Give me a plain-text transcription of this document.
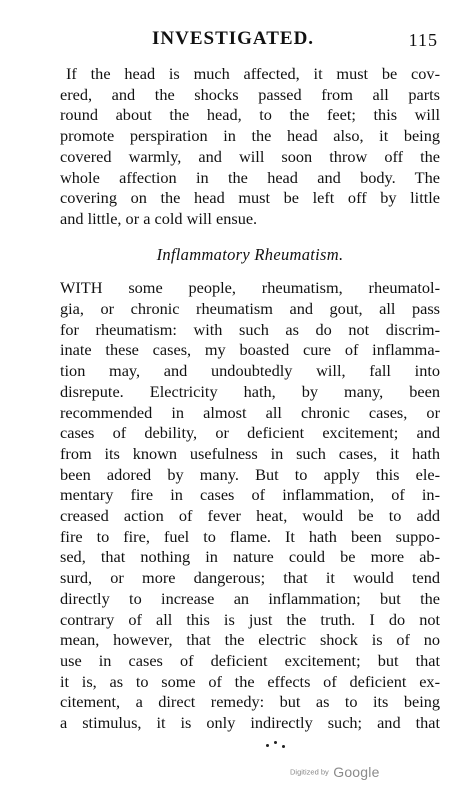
INVESTIGATED.	115
If the head is much affected, it must be cov-
ered, and the shocks passed from all parts
round about the head, to the feet; this will
promote perspiration in the head also, it being
covered warmly, and will soon throw off the
whole affection in the head and body. The
covering on the head must be left off by little
and little, or a cold will ensue.
Inflammatory Rheumatism.
WITH some people, rheumatism, rheumatol-
gia, or chronic rheumatism and gout, all pass
for rheumatism: with such as do not discrim-
inate these cases, my boasted cure of inflamma-
tion may, and undoubtedly will, fall into
disrepute. Electricity hath, by many, been
recommended in almost all chronic cases, or
cases of debility, or deficient excitement; and
from its known usefulness in such cases, it hath
been adored by many. But to apply this ele-
mentary fire in cases of inflammation, of in-
creased action of fever heat, would be to add
fire to fire, fuel to flame. It hath been suppo-
sed, that nothing in nature could be more ab-
surd, or more dangerous; that it would tend
directly to increase an inflammation; but the
contrary of all this is just the truth. I do not
mean, however, that the electric shock is of no
use in cases of deficient excitement; but that
it is, as to some of the effects of deficient ex-
citement, a direct remedy: but as to its being
a stimulus, it is only indirectly such; and that
Digitized by Google
